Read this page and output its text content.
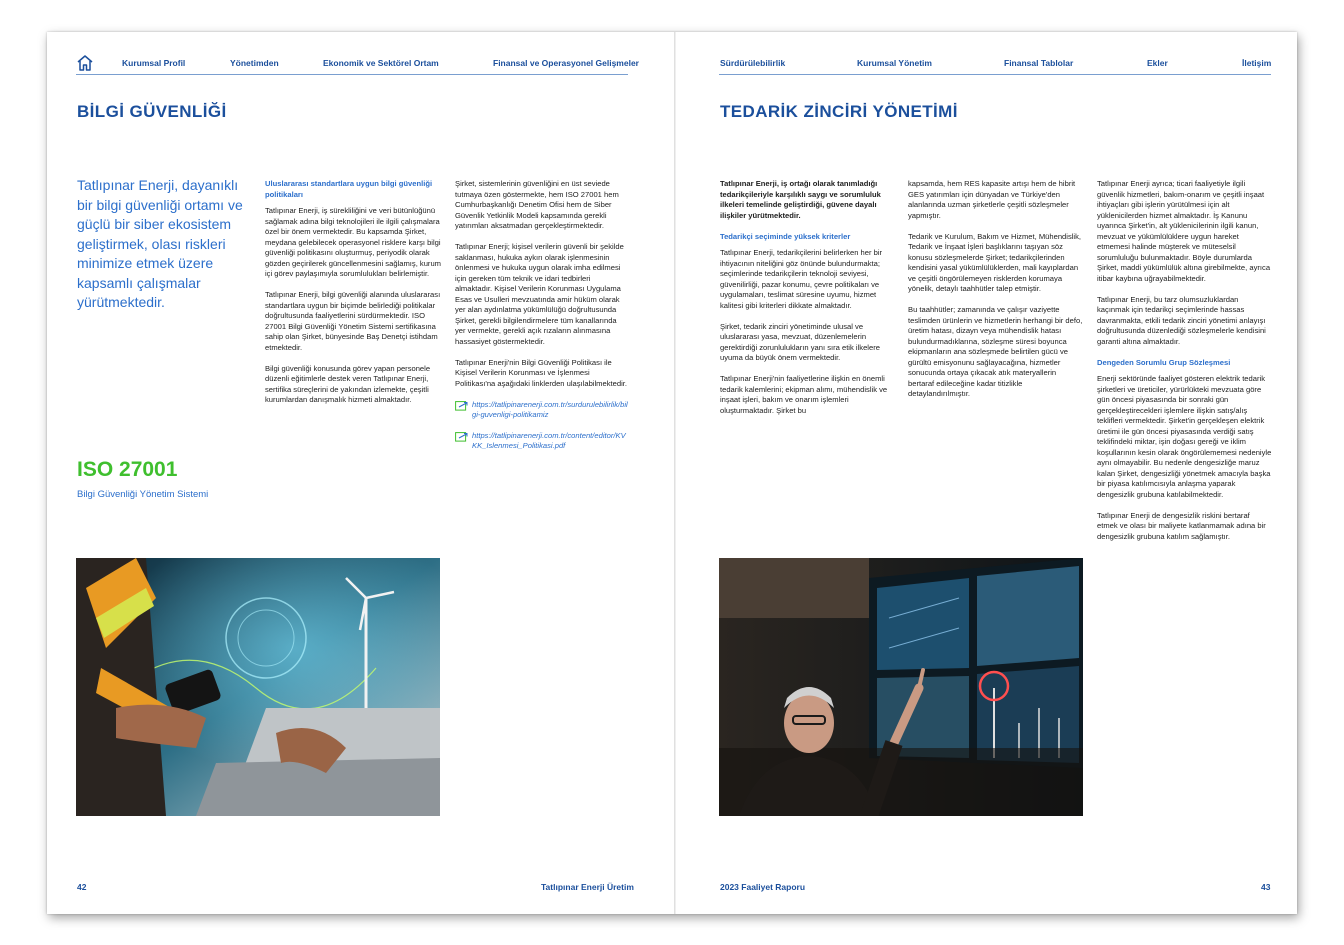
Kurumsal Profil	Yönetimden	Ekonomik ve Sektörel Ortam	Finansal ve Operasyonel Gelişmeler	Sürdürülebilirlik	Kurumsal Yönetim	Finansal Tablolar	Ekler	İletişim
BİLGİ GÜVENLİĞİ
Tatlıpınar Enerji, dayanıklı bir bilgi güvenliği ortamı ve güçlü bir siber ekosistem geliştirmek, olası riskleri minimize etmek üzere kapsamlı çalışmalar yürütmektedir.
ISO 27001
Bilgi Güvenliği Yönetim Sistemi

Uluslararası standartlara uygun bilgi güvenliği politikaları

Tatlıpınar Enerji, iş sürekliliğini ve veri bütünlüğünü sağlamak adına bilgi teknolojileri ile ilgili çalışmalara özel bir önem vermektedir. Bu kapsamda Şirket, meydana gelebilecek operasyonel risklere karşı bilgi güvenliği politikasını oluşturmuş, periyodik olarak gözden geçirilerek güncellenmesini sağlamış, kurum içi görev paylaşımıyla sorumlulukları belirlemiştir.

Tatlıpınar Enerji, bilgi güvenliği alanında uluslararası standartlara uygun bir biçimde belirlediği politikalar doğrultusunda faaliyetlerini sürdürmektedir. ISO 27001 Bilgi Güvenliği Yönetim Sistemi sertifikasına sahip olan Şirket, bünyesinde Baş Denetçi istihdam etmektedir.

Bilgi güvenliği konusunda görev yapan personele düzenli eğitimlerle destek veren Tatlıpınar Enerji, sertifika süreçlerini de yakından izlemekte, çeşitli kurumlardan danışmalık hizmeti almaktadır.

Şirket, sistemlerinin güvenliğini en üst seviede tutmaya özen göstermekte, hem ISO 27001 hem Cumhurbaşkanlığı Denetim Ofisi hem de Siber Güvenlik Yetkinlik Modeli kapsamında gerekli yatırımları aksatmadan gerçekleştirmektedir.

Tatlıpınar Enerji; kişisel verilerin güvenli bir şekilde saklanması, hukuka aykırı olarak işlenmesinin önlenmesi ve hukuka uygun olarak imha edilmesi için gereken tüm teknik ve idari tedbirleri almaktadır. Kişisel Verilerin Korunması Uygulama Esas ve Usulleri mevzuatında amir hüküm olarak yer alan aydınlatma yükümlülüğü doğrultusunda Şirket, gerekli bilgilendirmelere tüm kanallarında yer vermekte, gerekli açık rızaların alınmasına hassasiyet göstermektedir.

Tatlıpınar Enerji'nin Bilgi Güvenliği Politikası ile Kişisel Verilerin Korunması ve İşlenmesi Politikası'na aşağıdaki linklerden ulaşılabilmektedir.

https://tatlipinarenerji.com.tr/surdurulebilirlik/bilgi-guvenligi-politikamiz
https://tatlipinarenerji.com.tr/content/editor/KVKK_Islenmesi_Politikasi.pdf
42	Tatlıpınar Enerji Üretim
TEDARİK ZİNCİRİ YÖNETİMİ

Tatlıpınar Enerji, iş ortağı olarak tanımladığı tedarikçileriyle karşılıklı saygı ve sorumluluk ilkeleri temelinde geliştirdiği, güvene dayalı ilişkiler yürütmektedir.

Tedarikçi seçiminde yüksek kriterler

Tatlıpınar Enerji, tedarikçilerini belirlerken her bir ihtiyacının niteliğini göz önünde bulundurmakta; seçimlerinde tedarikçilerin teknoloji seviyesi, güvenilirliği, pazar konumu, çevre politikaları ve uygulamaları, teslimat süresine uyumu, hizmet kalitesi gibi kriterleri dikkate almaktadır.

Şirket, tedarik zinciri yönetiminde ulusal ve uluslararası yasa, mevzuat, düzenlemelerin gerektirdiği zorunlulukların yanı sıra etik ilkelere uyuma da büyük önem vermektedir.

Tatlıpınar Enerji'nin faaliyetlerine ilişkin en önemli tedarik kalemlerini; ekipman alımı, mühendislik ve inşaat işleri, bakım ve onarım işlemleri oluşturmaktadır. Şirket bu

kapsamda, hem RES kapasite artışı hem de hibrit GES yatırımları için dünyadan ve Türkiye'den alanlarında uzman şirketlerle çeşitli sözleşmeler yapmıştır.

Tedarik ve Kurulum, Bakım ve Hizmet, Mühendislik, Tedarik ve İnşaat İşleri başlıklarını taşıyan söz konusu sözleşmelerde Şirket; tedarikçilerinden kendisini yasal yükümlülüklerden, mali kayıplardan ve çeşitli öngörülemeyen risklerden korumaya yönelik, detaylı taahhütler talep etmiştir.

Bu taahhütler; zamanında ve çalışır vaziyette teslimden ürünlerin ve hizmetlerin herhangi bir defo, üretim hatası, dizayn veya mühendislik hatası bulundurmadıklarına, sözleşme süresi boyunca ekipmanların ana sözleşmede belirtilen gücü ve gürültü emisyonunu sağlayacağına, hizmetler sonucunda ortaya çıkacak atık materyallerin bertaraf edileceğine kadar titizlikle detaylandırılmıştır.

Tatlıpınar Enerji ayrıca; ticari faaliyetiyle ilgili güvenlik hizmetleri, bakım-onarım ve çeşitli inşaat ihtiyaçları gibi işlerin yürütülmesi için alt yüklenicilerden hizmet almaktadır. İş Kanunu uyarınca Şirket'in, alt yüklenicilerinin ilgili kanun, mevzuat ve yükümlülüklere uygun hareket etmemesi halinde müşterek ve müteselsil sorumluluğu bulunmaktadır. Böyle durumlarda Şirket, maddi yükümlülük altına girebilmekte, ayrıca itibar kaybına uğrayabilmektedir.

Tatlıpınar Enerji, bu tarz olumsuzluklardan kaçınmak için tedarikçi seçimlerinde hassas davranmakta, etkili tedarik zinciri yönetimi anlayışı doğrultusunda düzenlediği sözleşmelerle kendisini garanti altına almaktadır.

Dengeden Sorumlu Grup Sözleşmesi

Enerji sektöründe faaliyet gösteren elektrik tedarik şirketleri ve üreticiler, yürürlükteki mevzuata göre gün öncesi piyasasında bir sonraki gün gerçekleştirecekleri işlemlere ilişkin satış/alış teklifleri vermektedir. Şirket'in gerçekleşen elektrik üretimi ile gün öncesi piyasasında verdiği satış teklifindeki miktar, işin doğası gereği ve iklim koşullarının kesin olarak öngörülememesi nedeniyle aynı olmayabilir. Bu nedenle dengesizliğe maruz kalan Şirket, dengesizliği yönetmek amacıyla başka bir piyasa katılımcısıyla anlaşma yaparak dengesizlik grubuna katılabilmektedir.

Tatlıpınar Enerji de dengesizlik riskini bertaraf etmek ve olası bir maliyete katlanmamak adına bir dengesizlik grubuna katılım sağlamıştır.

2023 Faaliyet Raporu	43
